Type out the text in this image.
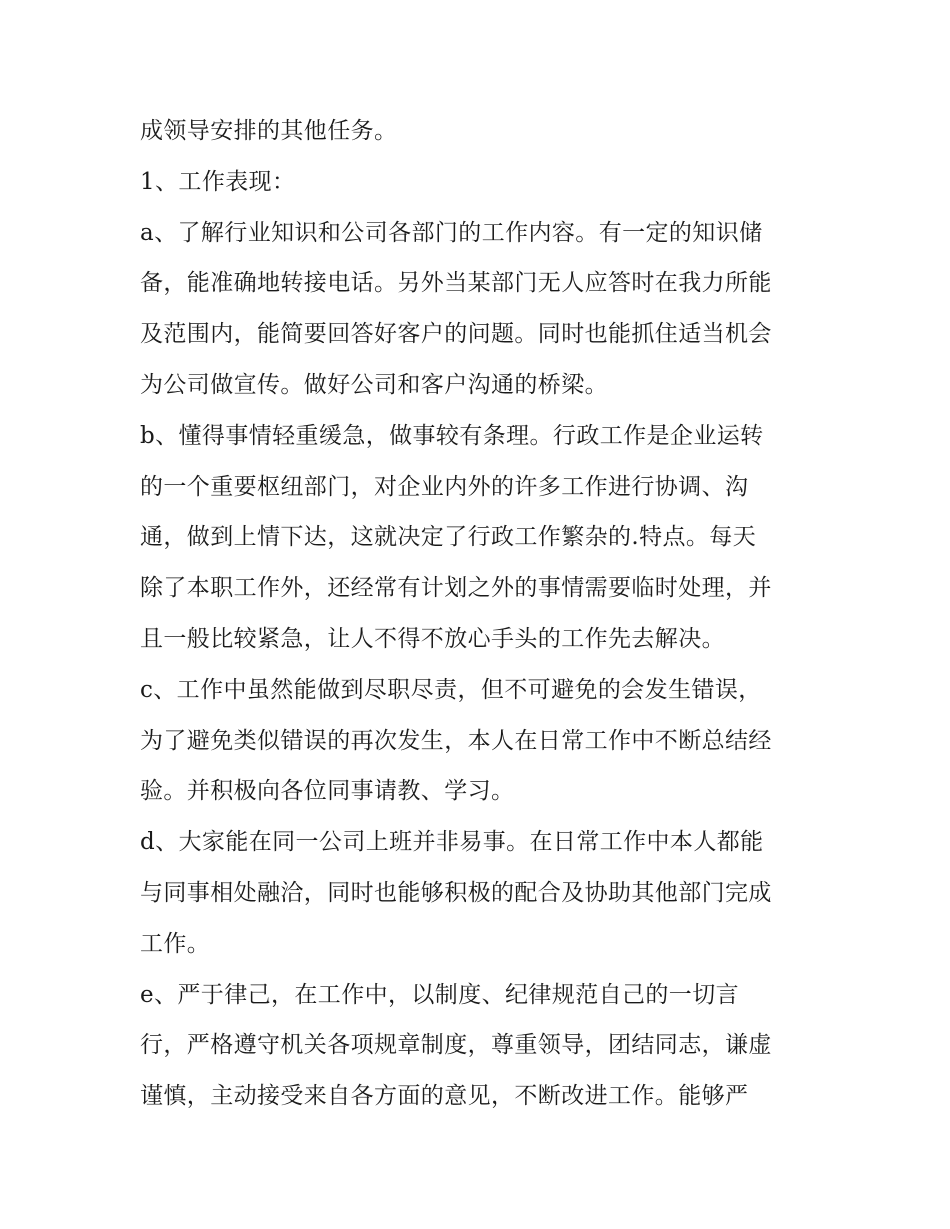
成领导安排的其他任务。
1、工作表现：
a、了解行业知识和公司各部门的工作内容。有一定的知识储
备，能准确地转接电话。另外当某部门无人应答时在我力所能
及范围内，能简要回答好客户的问题。同时也能抓住适当机会
为公司做宣传。做好公司和客户沟通的桥梁。
b、懂得事情轻重缓急，做事较有条理。行政工作是企业运转
的一个重要枢纽部门，对企业内外的许多工作进行协调、沟
通，做到上情下达，这就决定了行政工作繁杂的.特点。每天
除了本职工作外，还经常有计划之外的事情需要临时处理，并
且一般比较紧急，让人不得不放心手头的工作先去解决。
c、工作中虽然能做到尽职尽责，但不可避免的会发生错误，
为了避免类似错误的再次发生，本人在日常工作中不断总结经
验。并积极向各位同事请教、学习。
d、大家能在同一公司上班并非易事。在日常工作中本人都能
与同事相处融洽，同时也能够积极的配合及协助其他部门完成
工作。
e、严于律己，在工作中，以制度、纪律规范自己的一切言
行，严格遵守机关各项规章制度，尊重领导，团结同志，谦虚
谨慎，主动接受来自各方面的意见，不断改进工作。能够严
